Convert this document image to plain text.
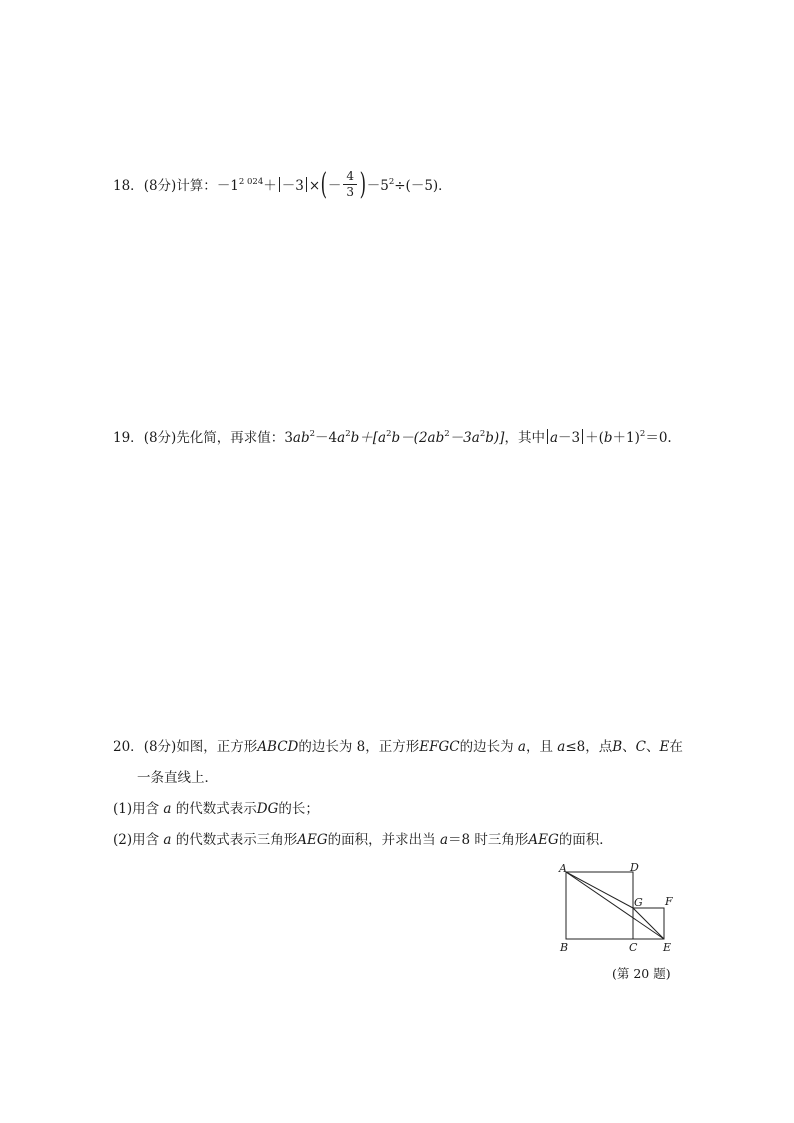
18．(8分)计算：$-1^{2 024}+ -3$ ×(－ $\frac{4}{3} )-5^2\div(-5)$．
19．(8分)先化简，再求值：$3ab^2-4a^2b+[a^2b-(2ab^2-3a^2b)]$，其中 $a-3 +(b+1)^2=0$.
20．(8分)如图，正方形ABCD的边长为 8，正方形EFGC的边长为 a，且 a≤8，点B、C、E在
一条直线上．
(1)用含 a 的代数式表示DG的长；
(2)用含 a 的代数式表示三角形AEG的面积，并求出当 a＝8 时三角形AEG的面积．
A	D
G F
B	C E
(第 20 题)
